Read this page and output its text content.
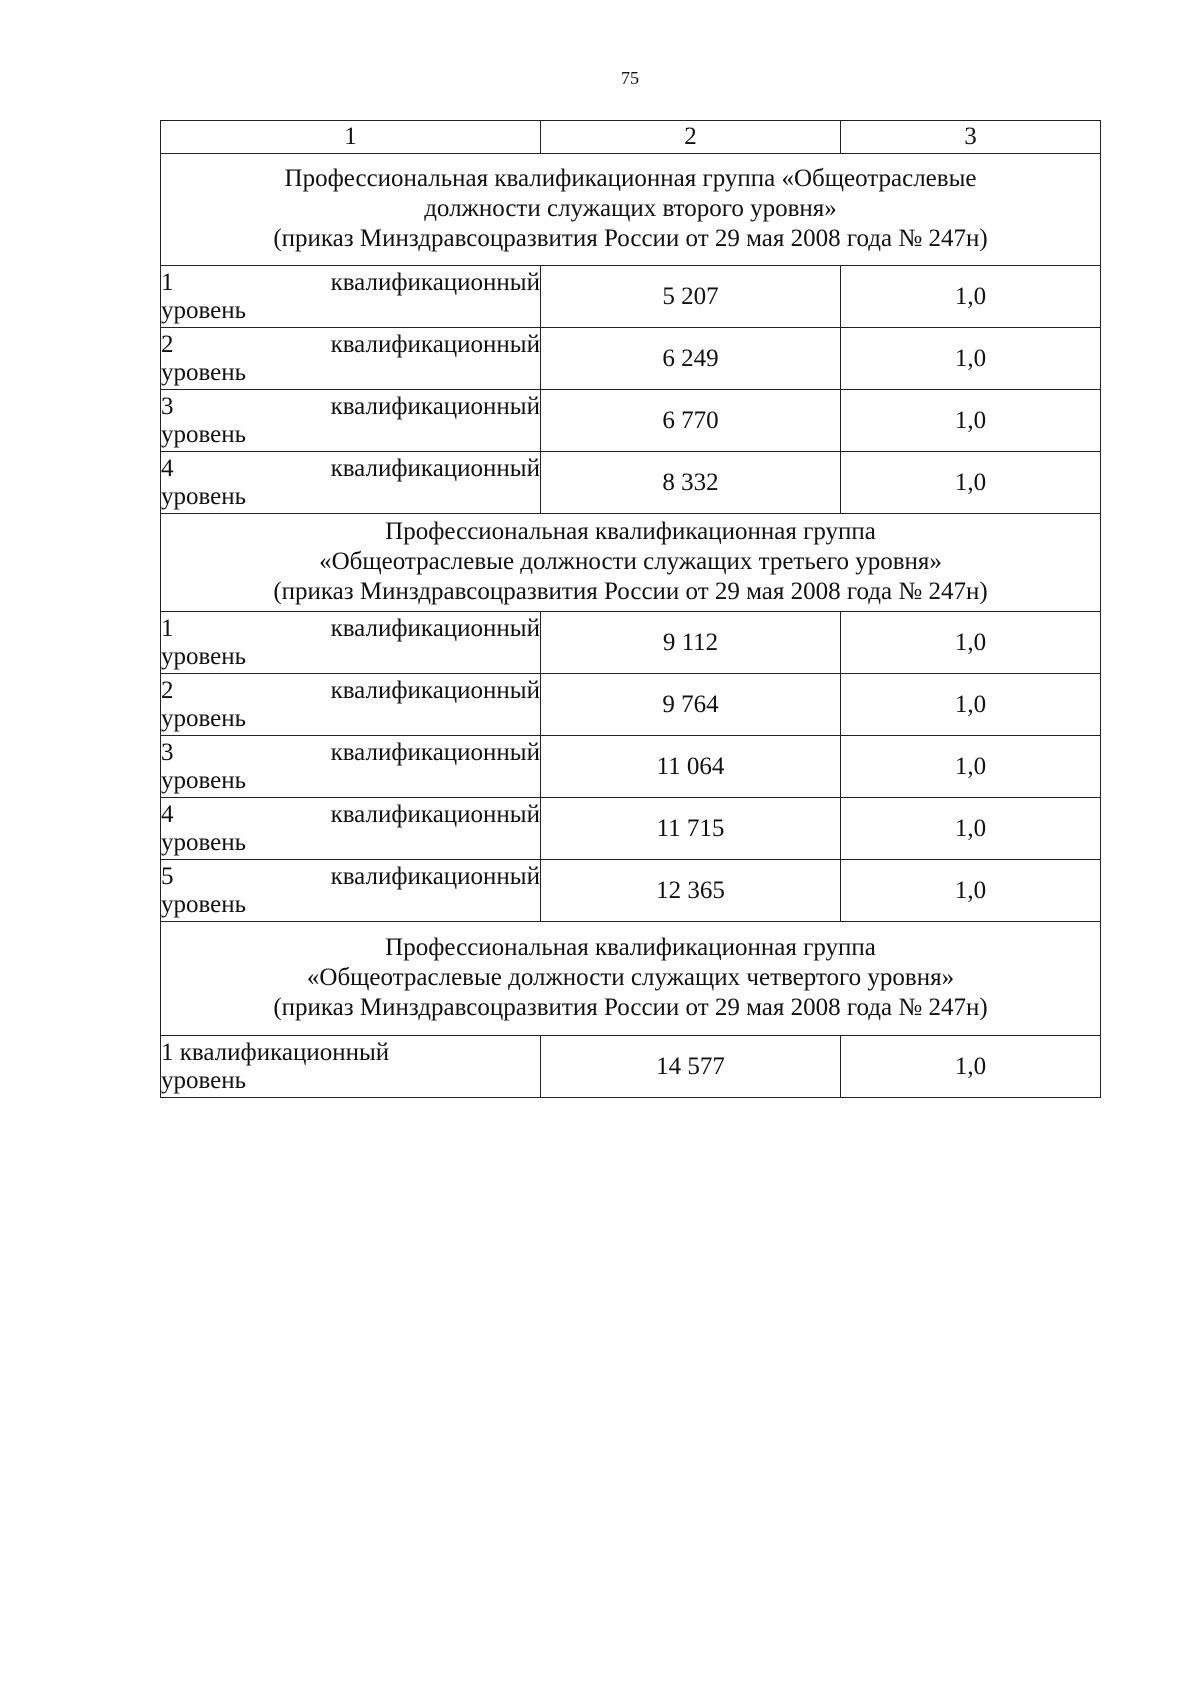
75
1	2	3

Профессиональная квалификационная группа «Общеотраслевые
должности служащих второго уровня»
(приказ Минздравсоцразвития России от 29 мая 2008 года № 247н)		

1 квалификационный
уровень	5 207	1,0

2 квалификационный
уровень	6 249	1,0

3 квалификационный
уровень	6 770	1,0

4 квалификационный
уровень	8 332	1,0

Профессиональная квалификационная группа
«Общеотраслевые должности служащих третьего уровня»
(приказ Минздравсоцразвития России от 29 мая 2008 года № 247н)		

1 квалификационный
уровень	9 112	1,0

2 квалификационный
уровень	9 764	1,0

3 квалификационный
уровень	11 064	1,0

4 квалификационный
уровень	11 715	1,0

5 квалификационный
уровень	12 365	1,0

Профессиональная квалификационная группа
«Общеотраслевые должности служащих четвертого уровня»
(приказ Минздравсоцразвития России от 29 мая 2008 года № 247н)		

1 квалификационный
уровень	14 577	1,0
